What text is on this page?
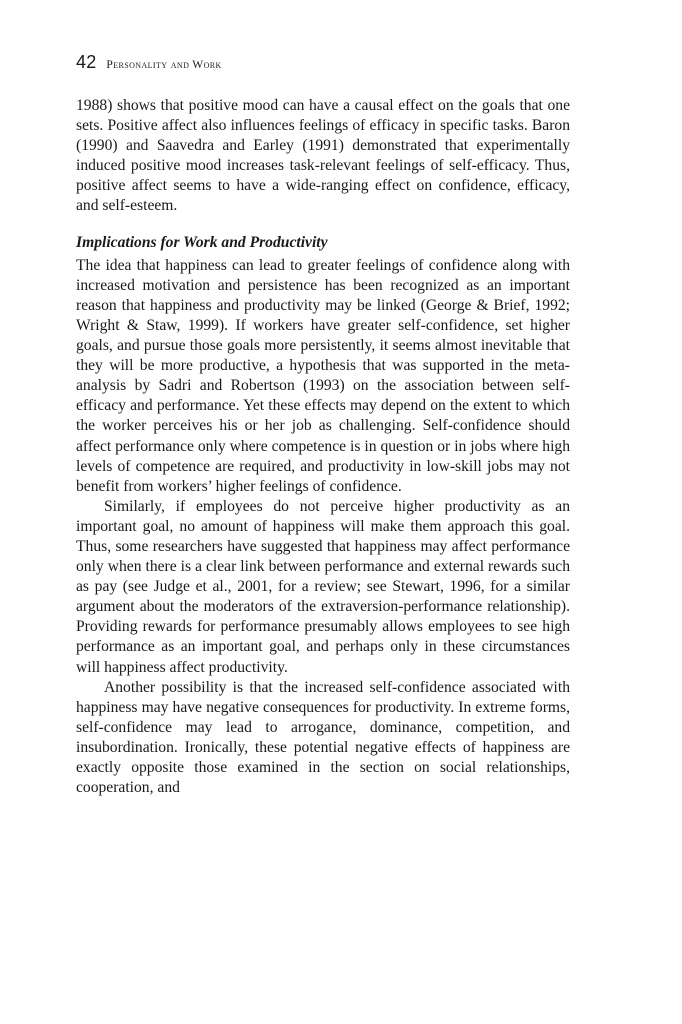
42 Personality and Work

1988) shows that positive mood can have a causal effect on the goals that one sets. Positive affect also influences feelings of efficacy in specific tasks. Baron (1990) and Saavedra and Earley (1991) demonstrated that experimentally induced positive mood increases task-relevant feelings of self-efficacy. Thus, positive affect seems to have a wide-ranging effect on confidence, efficacy, and self-esteem.

Implications for Work and Productivity

The idea that happiness can lead to greater feelings of confidence along with increased motivation and persistence has been recognized as an important reason that happiness and productivity may be linked (George & Brief, 1992; Wright & Staw, 1999). If workers have greater self-confidence, set higher goals, and pursue those goals more persistently, it seems almost inevitable that they will be more productive, a hypothesis that was supported in the meta-analysis by Sadri and Robertson (1993) on the association between self-efficacy and performance. Yet these effects may depend on the extent to which the worker perceives his or her job as challenging. Self-confidence should affect performance only where competence is in question or in jobs where high levels of competence are required, and productivity in low-skill jobs may not benefit from workers’ higher feelings of confidence.

Similarly, if employees do not perceive higher productivity as an important goal, no amount of happiness will make them approach this goal. Thus, some researchers have suggested that happiness may affect performance only when there is a clear link between performance and external rewards such as pay (see Judge et al., 2001, for a review; see Stewart, 1996, for a similar argument about the moderators of the extraversion-performance relationship). Providing rewards for performance presumably allows employees to see high performance as an important goal, and perhaps only in these circumstances will happiness affect productivity.

Another possibility is that the increased self-confidence associated with happiness may have negative consequences for productivity. In extreme forms, self-confidence may lead to arrogance, dominance, competition, and insubordination. Ironically, these potential negative effects of happiness are exactly opposite those examined in the section on social relationships, cooperation, and
